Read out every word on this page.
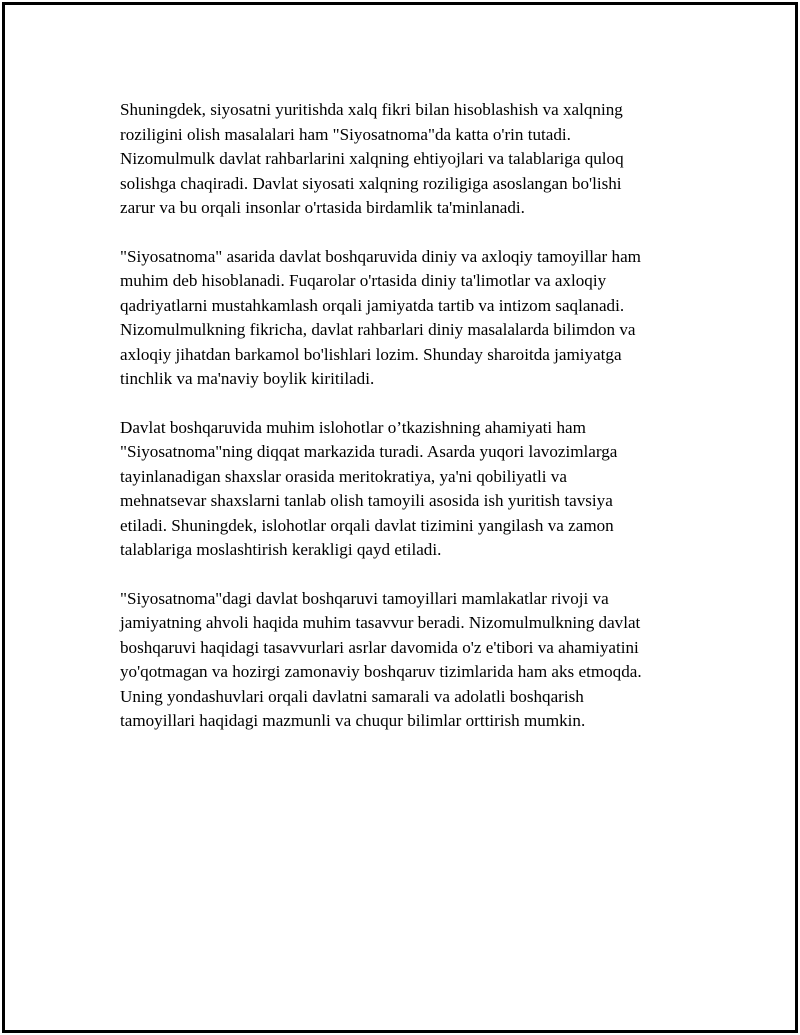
Shuningdek, siyosatni yuritishda xalq fikri bilan hisoblashish va xalqning
roziligini olish masalalari ham "Siyosatnoma"da katta o'rin tutadi.
Nizomulmulk davlat rahbarlarini xalqning ehtiyojlari va talablariga quloq
solishga chaqiradi. Davlat siyosati xalqning roziligiga asoslangan bo'lishi
zarur va bu orqali insonlar o'rtasida birdamlik ta'minlanadi.

"Siyosatnoma" asarida davlat boshqaruvida diniy va axloqiy tamoyillar ham
muhim deb hisoblanadi. Fuqarolar o'rtasida diniy ta'limotlar va axloqiy
qadriyatlarni mustahkamlash orqali jamiyatda tartib va intizom saqlanadi.
Nizomulmulkning fikricha, davlat rahbarlari diniy masalalarda bilimdon va
axloqiy jihatdan barkamol bo'lishlari lozim. Shunday sharoitda jamiyatga
tinchlik va ma'naviy boylik kiritiladi.

Davlat boshqaruvida muhim islohotlar o’tkazishning ahamiyati ham
"Siyosatnoma"ning diqqat markazida turadi. Asarda yuqori lavozimlarga
tayinlanadigan shaxslar orasida meritokratiya, ya'ni qobiliyatli va
mehnatsevar shaxslarni tanlab olish tamoyili asosida ish yuritish tavsiya
etiladi. Shuningdek, islohotlar orqali davlat tizimini yangilash va zamon
talablariga moslashtirish kerakligi qayd etiladi.

"Siyosatnoma"dagi davlat boshqaruvi tamoyillari mamlakatlar rivoji va
jamiyatning ahvoli haqida muhim tasavvur beradi. Nizomulmulkning davlat
boshqaruvi haqidagi tasavvurlari asrlar davomida o'z e'tibori va ahamiyatini
yo'qotmagan va hozirgi zamonaviy boshqaruv tizimlarida ham aks etmoqda.
Uning yondashuvlari orqali davlatni samarali va adolatli boshqarish
tamoyillari haqidagi mazmunli va chuqur bilimlar orttirish mumkin.
